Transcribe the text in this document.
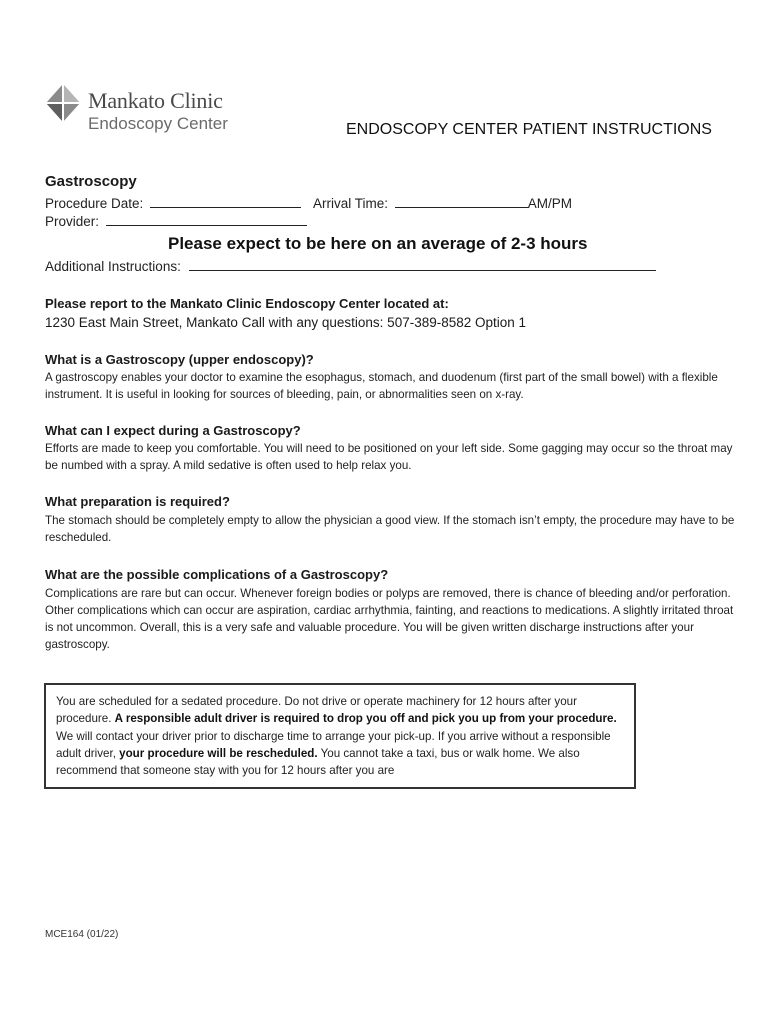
Mankato Clinic
Endoscopy Center	ENDOSCOPY CENTER PATIENT INSTRUCTIONS
Gastroscopy
Procedure Date:	Arrival Time:	AM/PM
Provider:
Please expect to be here on an average of 2-3 hours
Additional Instructions:
Please report to the Mankato Clinic Endoscopy Center located at:
1230 East Main Street, Mankato Call with any questions: 507-389-8582 Option 1
What is a Gastroscopy (upper endoscopy)?
A gastroscopy enables your doctor to examine the esophagus, stomach, and duodenum (first part of the small bowel) with a flexible instrument. It is useful in looking for sources of bleeding, pain, or abnormalities seen on x-ray.
What can I expect during a Gastroscopy?
Efforts are made to keep you comfortable. You will need to be positioned on your left side. Some gagging may occur so the throat may be numbed with a spray. A mild sedative is often used to help relax you.
What preparation is required?
The stomach should be completely empty to allow the physician a good view. If the stomach isn’t empty, the procedure may have to be rescheduled.
What are the possible complications of a Gastroscopy?
Complications are rare but can occur. Whenever foreign bodies or polyps are removed, there is chance of bleeding and/or perforation. Other complications which can occur are aspiration, cardiac arrhythmia, fainting, and reactions to medications. A slightly irritated throat is not uncommon. Overall, this is a very safe and valuable procedure. You will be given written discharge instructions after your gastroscopy.
You are scheduled for a sedated procedure. Do not drive or operate machinery for 12 hours after your procedure. A responsible adult driver is required to drop you off and pick you up from your procedure. We will contact your driver prior to discharge time to arrange your pick-up. If you arrive without a responsible adult driver, your procedure will be rescheduled. You cannot take a taxi, bus or walk home. We also recommend that someone stay with you for 12 hours after you are
MCE164 (01/22)
